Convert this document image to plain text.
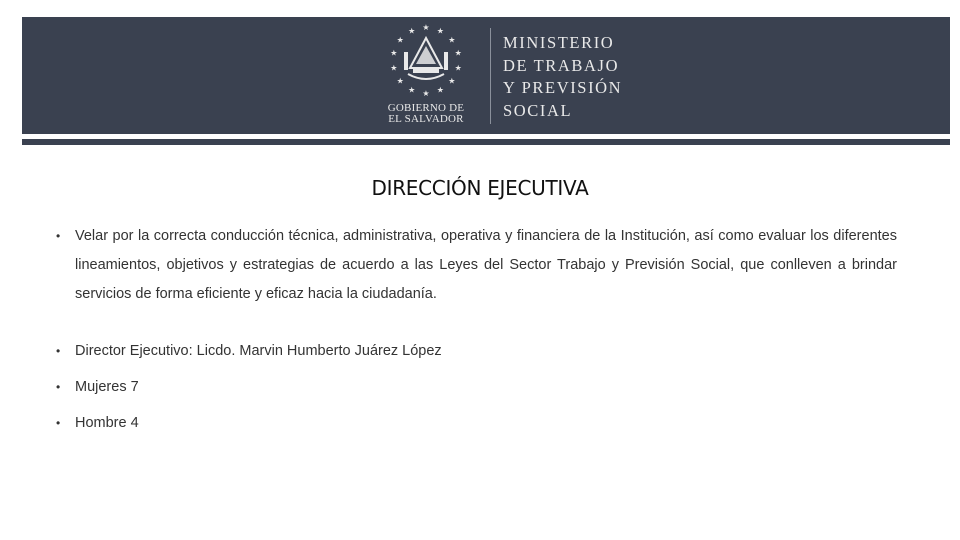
★ ★
★
★
★
★
★
★
★
★
★
★
★
★
GOBIERNO DE
EL SALVADOR
MINISTERIO
DE TRABAJO
Y PREVISIÓN
SOCIAL
DIRECCIÓN EJECUTIVA
• Velar por la correcta conducción técnica, administrativa, operativa y financiera de la Institución, así como evaluar los diferentes lineamientos, objetivos y estrategias de acuerdo a las Leyes del Sector Trabajo y Previsión Social, que conlleven a brindar servicios de forma eficiente y eficaz hacia la ciudadanía.
• Director Ejecutivo: Licdo. Marvin Humberto Juárez López
• Mujeres 7
• Hombre 4
